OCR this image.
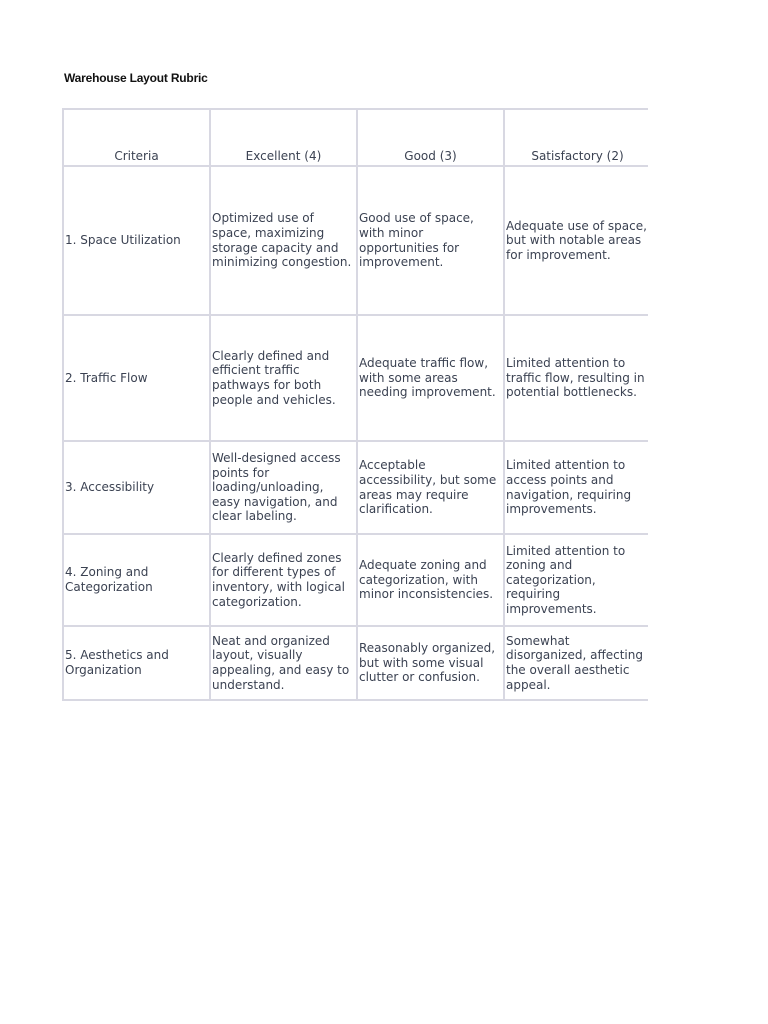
Warehouse Layout Rubric
Criteria	Excellent (4)	Good (3)	Satisfactory (2)
1. Space Utilization	Optimized use of space, maximizing storage capacity and minimizing congestion.	Good use of space, with minor opportunities for improvement.	Adequate use of space, but with notable areas for improvement.
2. Traffic Flow	Clearly defined and efficient traffic pathways for both people and vehicles.	Adequate traffic flow, with some areas needing improvement.	Limited attention to traffic flow, resulting in potential bottlenecks.
3. Accessibility	Well-designed access points for loading/unloading, easy navigation, and clear labeling.	Acceptable accessibility, but some areas may require clarification.	Limited attention to access points and navigation, requiring improvements.
4. Zoning and Categorization	Clearly defined zones for different types of inventory, with logical categorization.	Adequate zoning and categorization, with minor inconsistencies.	Limited attention to zoning and categorization, requiring improvements.
5. Aesthetics and Organization	Neat and organized layout, visually appealing, and easy to understand.	Reasonably organized, but with some visual clutter or confusion.	Somewhat disorganized, affecting the overall aesthetic appeal.
